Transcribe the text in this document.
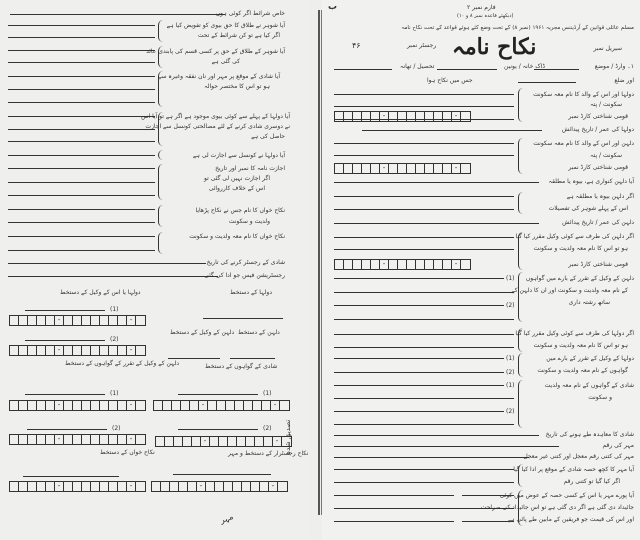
خاص شرائط اگر کوئی ہوں
آیا شوہر نے طلاق کا حق بیوی کو تفویض کیا ہے
اگر کیا ہے تو کن شرائط کے تحت
آیا شوہر کے طلاق کے حق پر کسی قسم کی پابندی عائد
کی گئی ہے
آیا شادی کے موقع پر مہر اور نان نفقہ وغیرہ سے
ہو تو اس کا مختصر حوالہ
آیا دولہا کے پہلے سے کوئی بیوی موجود ہے اگر ہے تو آیا اس
نے دوسری شادی کرنے کے لئے مصالحتی کونسل سے اجازت
حاصل کی ہے
آیا دولہا نے کونسل سے اجازت لی ہے
اجازت نامہ کا نمبر اور تاریخ
اگر اجازت نہیں لی گئی تو
اس کے خلاف کارروائی
نکاح خواں کا نام جس نے نکاح پڑھایا
ولدیت و سکونت
نکاح خواں کا نام معہ ولدیت و سکونت
شادی کے رجسٹر کرنے کی تاریخ
رجسٹریشن فیس جو ادا کی گئی
دولہا یا اس کے وکیل کے دستخط	دولہا کے دستخط
(1)
-	-
(2)
-	-
دلہن کے وکیل کے تقرر کے گواہوں کے دستخط
دلہن کے وکیل کے دستخط دلہن کے دستخط
شادی کے گواہوں کے دستخط
(1)
-	-
(2)
-	-
نکاح خواں کے دستخط
(1)
-	-
(2)
-	-
نکاح رجسٹرار کے دستخط و مہر
-	-	-	-
مہر
تصدیق شدہ
ب	فارم نمبر ۲
(دیکھئے قاعدہ نمبر ۸ و ۱۰)
مسلم عائلی قوانین کے آرڈیننس مجریہ ۱۹۶۱ (نمبر ۸) کے تحت وضع کئے ہوئے قواعد کے تحت نکاح نامہ
نکاح نامہ
۴۶	رجسٹر نمبر	سیریل نمبر
تحصیل / تھانہ	ڈاک خانہ / یونین	۱۔ وارڈ / موضع
اور ضلع
جس میں نکاح ہوا
-	-
دولہا اور اس کے والد کا نام معہ سکونت
سکونت / پتہ
قومی شناختی کارڈ نمبر
دولہا کی عمر / تاریخ پیدائش
-	-
دلہن اور اس کے والد کا نام معہ سکونت
سکونت / پتہ
قومی شناختی کارڈ نمبر
آیا دلہن کنواری ہے، بیوہ یا مطلقہ
اگر دلہن بیوہ یا مطلقہ ہے
اس کے پہلے شوہر کی تفصیلات
دلہن کی عمر / تاریخ پیدائش
-	-
اگر دلہن کی طرف سے کوئی وکیل مقرر کیا گیا
ہو تو اس کا نام معہ ولدیت و سکونت
قومی شناختی کارڈ نمبر
(1)
(2)
دلہن کے وکیل کے تقرر کے بارے میں گواہوں
کے نام معہ ولدیت و سکونت اور ان کا دلہن کے
ساتھ رشتہ داری
اگر دولہا کی طرف سے کوئی وکیل مقرر کیا گیا
ہو تو اس کا نام معہ ولدیت و سکونت
(1)
(2)
دولہا کے وکیل کے تقرر کے بارے میں
گواہوں کے نام معہ ولدیت و سکونت
(1)
(2)
شادی کے گواہوں کے نام معہ ولدیت
و سکونت
شادی کا معاہدہ طے ہونے کی تاریخ
مہر کی رقم
مہر کی کتنی رقم معجل اور کتنی غیر معجل
آیا مہر کا کچھ حصہ شادی کے موقع پر ادا کیا گیا
اگر کیا گیا تو کتنی رقم
آیا پورے مہر یا اس کے کسی حصہ کے عوض میں کوئی
جائیداد دی گئی ہے اگر دی گئی ہے تو اس جائیداد کی صراحت
اور اس کی قیمت جو فریقین کے مابین طے پائی ہے
